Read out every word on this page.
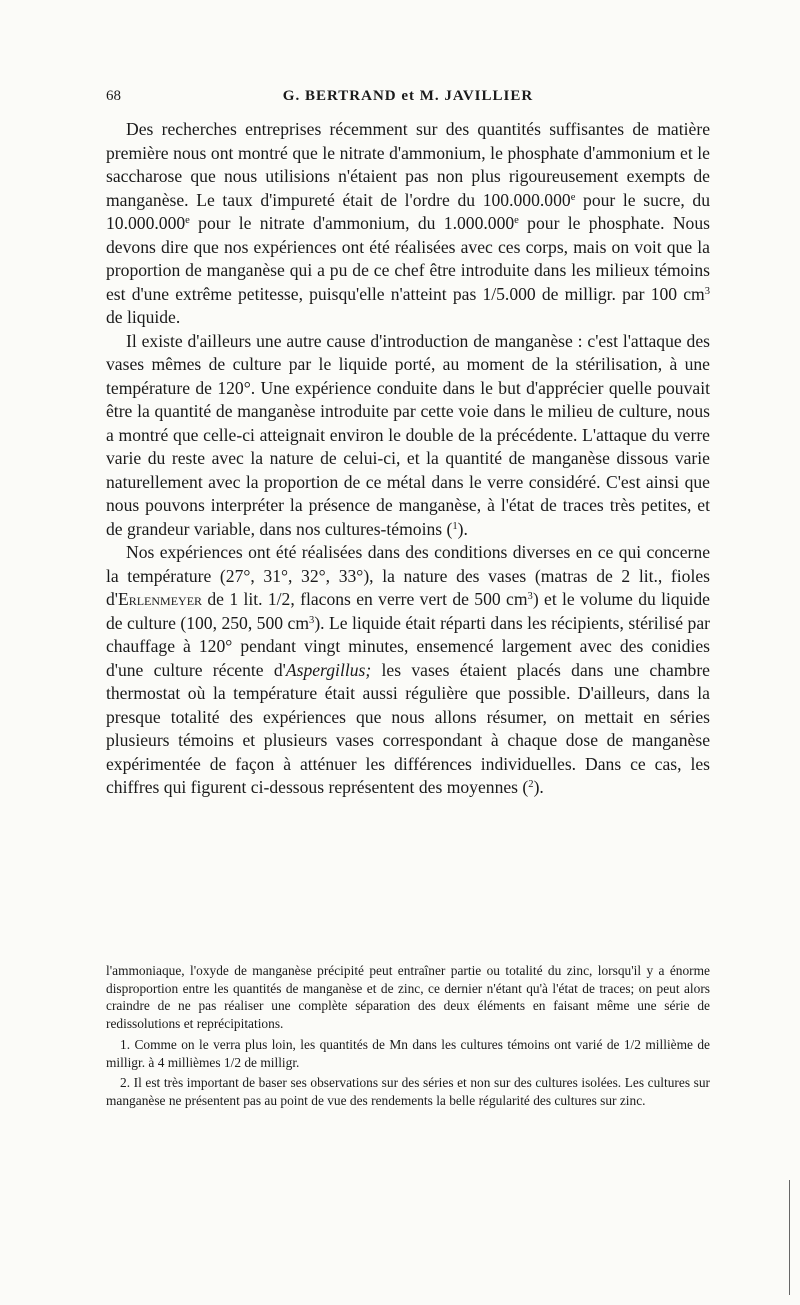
68	G. BERTRAND et M. JAVILLIER

Des recherches entreprises récemment sur des quantités suffisantes de matière première nous ont montré que le nitrate d'ammonium, le phosphate d'ammonium et le saccharose que nous utilisions n'étaient pas non plus rigoureusement exempts de manganèse. Le taux d'impureté était de l'ordre du 100.000.000e pour le sucre, du 10.000.000e pour le nitrate d'ammonium, du 1.000.000e pour le phosphate. Nous devons dire que nos expériences ont été réalisées avec ces corps, mais on voit que la proportion de manganèse qui a pu de ce chef être introduite dans les milieux témoins est d'une extrême petitesse, puisqu'elle n'atteint pas 1/5.000 de milligr. par 100 $cm^3$ de liquide.

Il existe d'ailleurs une autre cause d'introduction de manganèse : c'est l'attaque des vases mêmes de culture par le liquide porté, au moment de la stérilisation, à une température de 120°. Une expérience conduite dans le but d'apprécier quelle pouvait être la quantité de manganèse introduite par cette voie dans le milieu de culture, nous a montré que celle-ci atteignait environ le double de la précédente. L'attaque du verre varie du reste avec la nature de celui-ci, et la quantité de manganèse dissous varie naturellement avec la proportion de ce métal dans le verre considéré. C'est ainsi que nous pouvons interpréter la présence de manganèse, à l'état de traces très petites, et de grandeur variable, dans nos cultures-témoins ($^1$).

Nos expériences ont été réalisées dans des conditions diverses en ce qui concerne la température (27°, 31°, 32°, 33°), la nature des vases (matras de 2 lit., fioles d'Erlenmeyer de 1 lit. 1/2, flacons en verre vert de 500 $cm^3$) et le volume du liquide de culture (100, 250, 500 $cm^3$). Le liquide était réparti dans les récipients, stérilisé par chauffage à 120° pendant vingt minutes, ensemencé largement avec des conidies d'une culture récente d'Aspergillus; les vases étaient placés dans une chambre thermostat où la température était aussi régulière que possible. D'ailleurs, dans la presque totalité des expériences que nous allons résumer, on mettait en séries plusieurs témoins et plusieurs vases correspondant à chaque dose de manganèse expérimentée de façon à atténuer les différences individuelles. Dans ce cas, les chiffres qui figurent ci-dessous représentent des moyennes ($^2$).

l'ammoniaque, l'oxyde de manganèse précipité peut entraîner partie ou totalité du zinc, lorsqu'il y a énorme disproportion entre les quantités de manganèse et de zinc, ce dernier n'étant qu'à l'état de traces; on peut alors craindre de ne pas réaliser une complète séparation des deux éléments en faisant même une série de redissolutions et reprécipitations.

1. Comme on le verra plus loin, les quantités de Mn dans les cultures témoins ont varié de 1/2 millième de milligr. à 4 millièmes 1/2 de milligr.

2. Il est très important de baser ses observations sur des séries et non sur des cultures isolées. Les cultures sur manganèse ne présentent pas au point de vue des rendements la belle régularité des cultures sur zinc.
